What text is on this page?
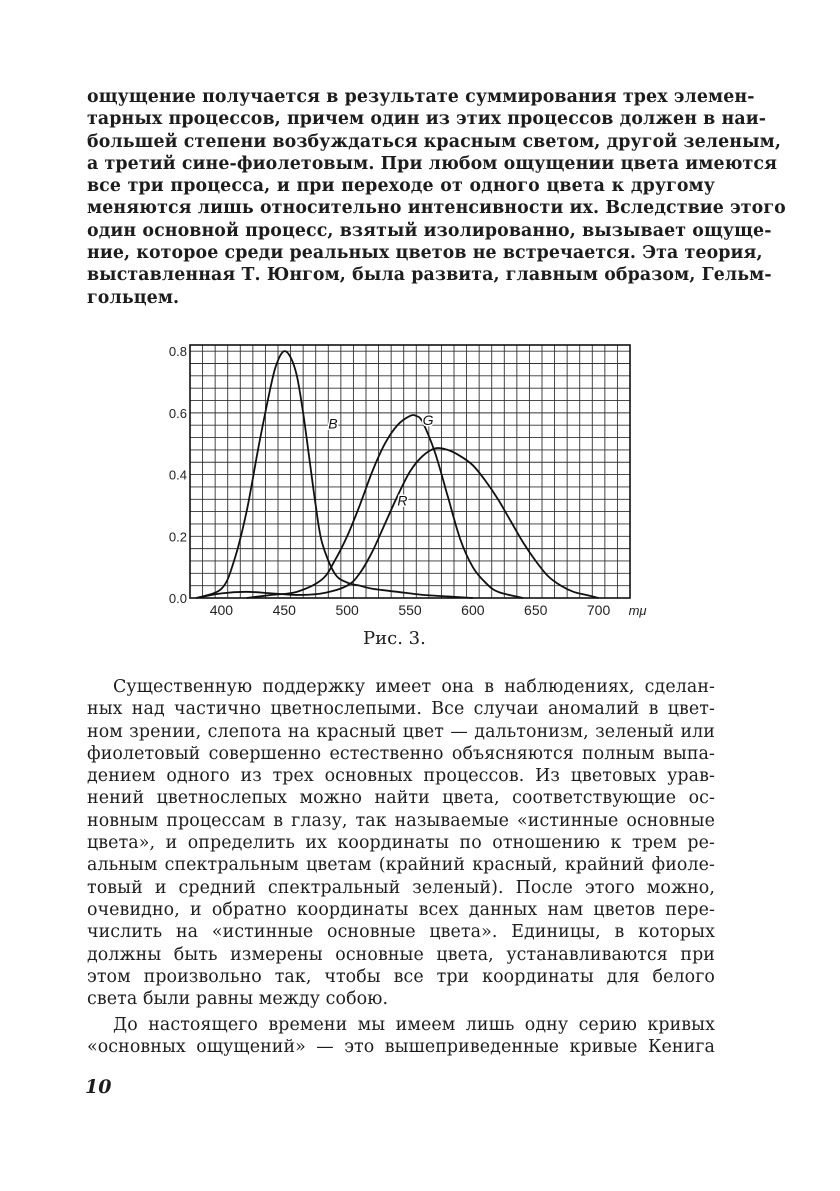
ощущение получается в результате суммирования трех элемен-
тарных процессов, причем один из этих процессов должен в наи-
большей степени возбуждаться красным светом, другой зеленым,
а третий сине-фиолетовым. При любом ощущении цвета имеются
все три процесса, и при переходе от одного цвета к другому
меняются лишь относительно интенсивности их. Вследствие этого
один основной процесс, взятый изолированно, вызывает ощуще-
ние, которое среди реальных цветов не встречается. Эта теория,
выставленная Т. Юнгом, была развита, главным образом, Гельм-
гольцем.
400	450	500	550	600	650	700 mμ
0.0
0.2
0.4
0.6
0.8
B	G
R
Рис. 3.
Существенную поддержку имеет она в наблюдениях, сделан-
ных над частично цветнослепыми. Все случаи аномалий в цвет-
ном зрении, слепота на красный цвет — дальтонизм, зеленый или
фиолетовый совершенно естественно объясняются полным выпа-
дением одного из трех основных процессов. Из цветовых урав-
нений цветнослепых можно найти цвета, соответствующие ос-
новным процессам в глазу, так называемые «истинные основные
цвета», и определить их координаты по отношению к трем ре-
альным спектральным цветам (крайний красный, крайний фиоле-
товый и средний спектральный зеленый). После этого можно,
очевидно, и обратно координаты всех данных нам цветов пере-
числить на «истинные основные цвета». Единицы, в которых
должны быть измерены основные цвета, устанавливаются при
этом произвольно так, чтобы все три координаты для белого
света были равны между собою.
До настоящего времени мы имеем лишь одну серию кривых
«основных ощущений» — это вышеприведенные кривые Кенига
10
